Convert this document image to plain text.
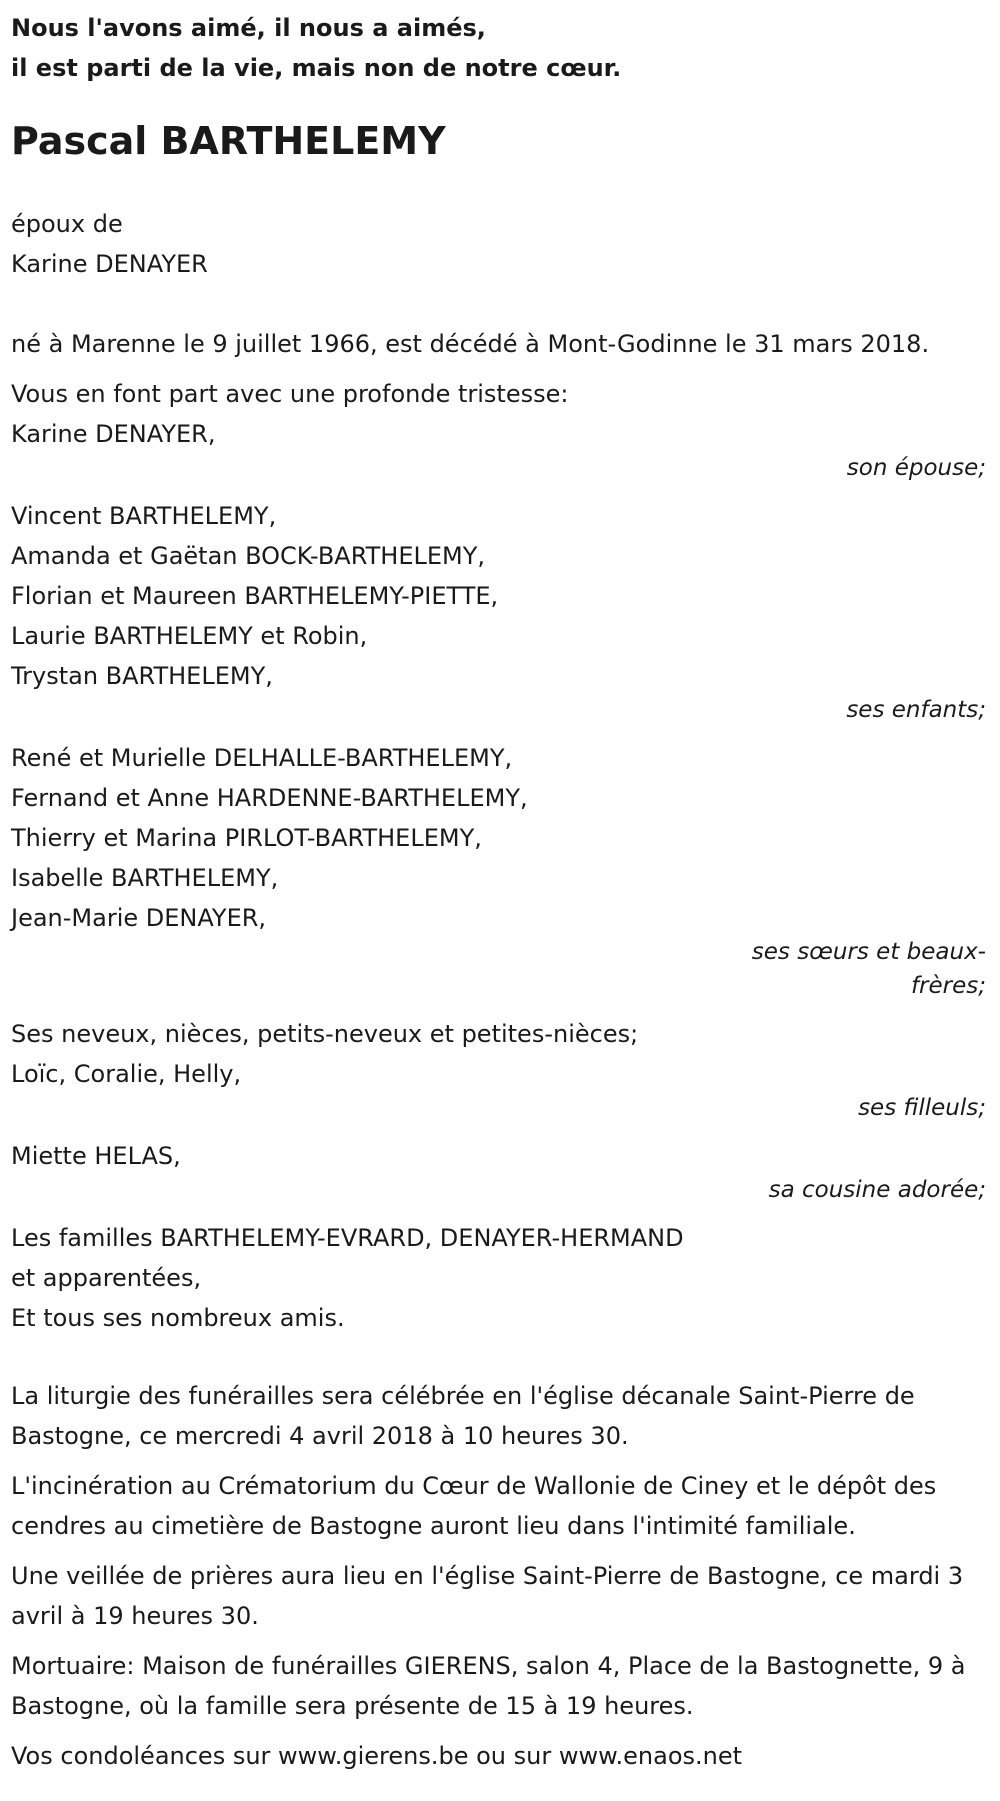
Nous l'avons aimé, il nous a aimés,
il est parti de la vie, mais non de notre cœur.

Pascal BARTHELEMY

époux de
Karine DENAYER

né à Marenne le 9 juillet 1966, est décédé à Mont-Godinne le 31 mars 2018.

Vous en font part avec une profonde tristesse:
Karine DENAYER,
son épouse;
Vincent BARTHELEMY,
Amanda et Gaëtan BOCK-BARTHELEMY,
Florian et Maureen BARTHELEMY-PIETTE,
Laurie BARTHELEMY et Robin,
Trystan BARTHELEMY,
ses enfants;
René et Murielle DELHALLE-BARTHELEMY,
Fernand et Anne HARDENNE-BARTHELEMY,
Thierry et Marina PIRLOT-BARTHELEMY,
Isabelle BARTHELEMY,
Jean-Marie DENAYER,
ses sœurs et beaux-
frères;
Ses neveux, nièces, petits-neveux et petites-nièces;
Loïc, Coralie, Helly,
ses filleuls;
Miette HELAS,
sa cousine adorée;
Les familles BARTHELEMY-EVRARD, DENAYER-HERMAND
et apparentées,
Et tous ses nombreux amis.

La liturgie des funérailles sera célébrée en l'église décanale Saint-Pierre de Bastogne, ce mercredi 4 avril 2018 à 10 heures 30.

L'incinération au Crématorium du Cœur de Wallonie de Ciney et le dépôt des cendres au cimetière de Bastogne auront lieu dans l'intimité familiale.

Une veillée de prières aura lieu en l'église Saint-Pierre de Bastogne, ce mardi 3 avril à 19 heures 30.

Mortuaire: Maison de funérailles GIERENS, salon 4, Place de la Bastognette, 9 à Bastogne, où la famille sera présente de 15 à 19 heures.

Vos condoléances sur www.gierens.be ou sur www.enaos.net
